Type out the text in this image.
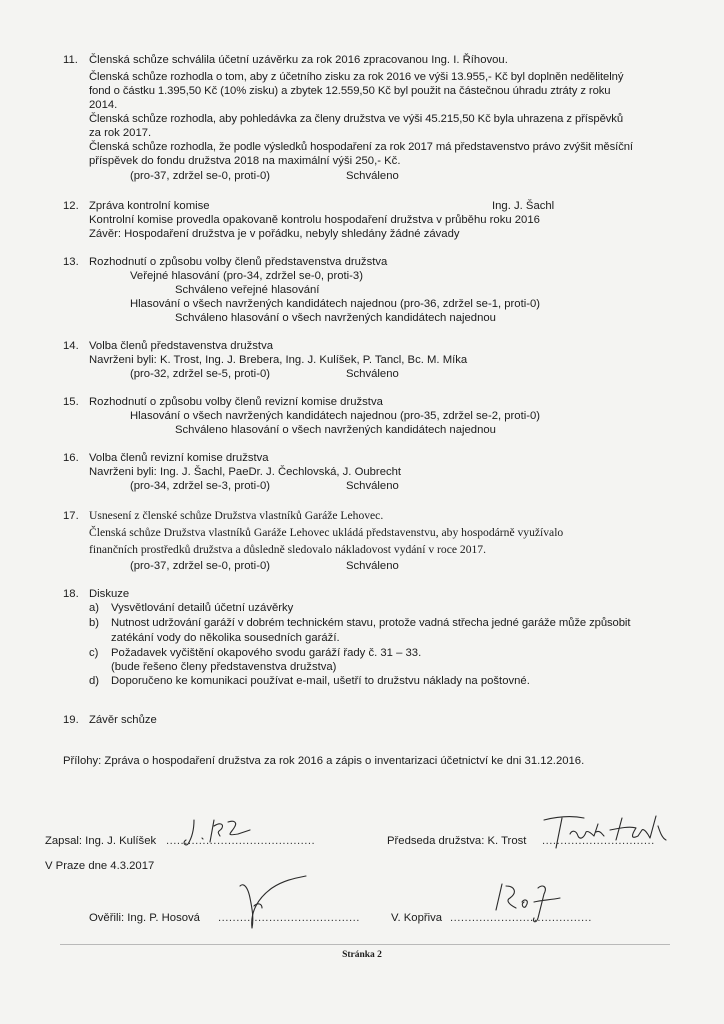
11. Členská schůze schválila účetní uzávěrku za rok 2016 zpracovanou Ing. I. Říhovou.
Členská schůze rozhodla o tom, aby z účetního zisku za rok 2016 ve výši 13.955,- Kč byl doplněn nedělitelný
fond o částku 1.395,50 Kč (10% zisku) a zbytek 12.559,50 Kč byl použit na částečnou úhradu ztráty z roku
2014.
Členská schůze rozhodla, aby pohledávka za členy družstva ve výši 45.215,50 Kč byla uhrazena z příspěvků
za rok 2017.
Členská schůze rozhodla, že podle výsledků hospodaření za rok 2017 má představenstvo právo zvýšit měsíční
příspěvek do fondu družstva 2018 na maximální výši 250,- Kč.
(pro-37, zdržel se-0, proti-0)	Schváleno
12. Zpráva kontrolní komise	Ing. J. Šachl
Kontrolní komise provedla opakovaně kontrolu hospodaření družstva v průběhu roku 2016
Závěr: Hospodaření družstva je v pořádku, nebyly shledány žádné závady
13. Rozhodnutí o způsobu volby členů představenstva družstva
Veřejné hlasování (pro-34, zdržel se-0, proti-3)
Schváleno veřejné hlasování
Hlasování o všech navržených kandidátech najednou (pro-36, zdržel se-1, proti-0)
Schváleno hlasování o všech navržených kandidátech najednou
14. Volba členů představenstva družstva
Navrženi byli: K. Trost, Ing. J. Brebera, Ing. J. Kulíšek, P. Tancl, Bc. M. Míka
(pro-32, zdržel se-5, proti-0)	Schváleno
15. Rozhodnutí o způsobu volby členů revizní komise družstva
Hlasování o všech navržených kandidátech najednou (pro-35, zdržel se-2, proti-0)
Schváleno hlasování o všech navržených kandidátech najednou
16. Volba členů revizní komise družstva
Navrženi byli: Ing. J. Šachl, PaeDr. J. Čechlovská, J. Oubrecht
(pro-34, zdržel se-3, proti-0)	Schváleno
17. Usnesení z členské schůze Družstva vlastníků Garáže Lehovec.
Členská schůze Družstva vlastníků Garáže Lehovec ukládá představenstvu, aby hospodárně využívalo
finančních prostředků družstva a důsledně sledovalo nákladovost vydání v roce 2017.
(pro-37, zdržel se-0, proti-0)	Schváleno
18. Diskuze
a) Vysvětlování detailů účetní uzávěrky
b) Nutnost udržování garáží v dobrém technickém stavu, protože vadná střecha jedné garáže může způsobit
zatékání vody do několika sousedních garáží.
c) Požadavek vyčištění okapového svodu garáží řady č. 31 – 33.
(bude řešeno členy představenstva družstva)
d) Doporučeno ke komunikaci používat e-mail, ušetří to družstvu náklady na poštovné.
19. Závěr schůze
Přílohy: Zpráva o hospodaření družstva za rok 2016 a zápis o inventarizaci účetnictví ke dni 31.12.2016.
Zapsal: Ing. J. Kulíšek .........................................	Předseda družstva: K. Trost ...............................
V Praze dne 4.3.2017
Ověřili: Ing. P. Hosová .......................................	V. Kopřiva .......................................
Stránka 2
